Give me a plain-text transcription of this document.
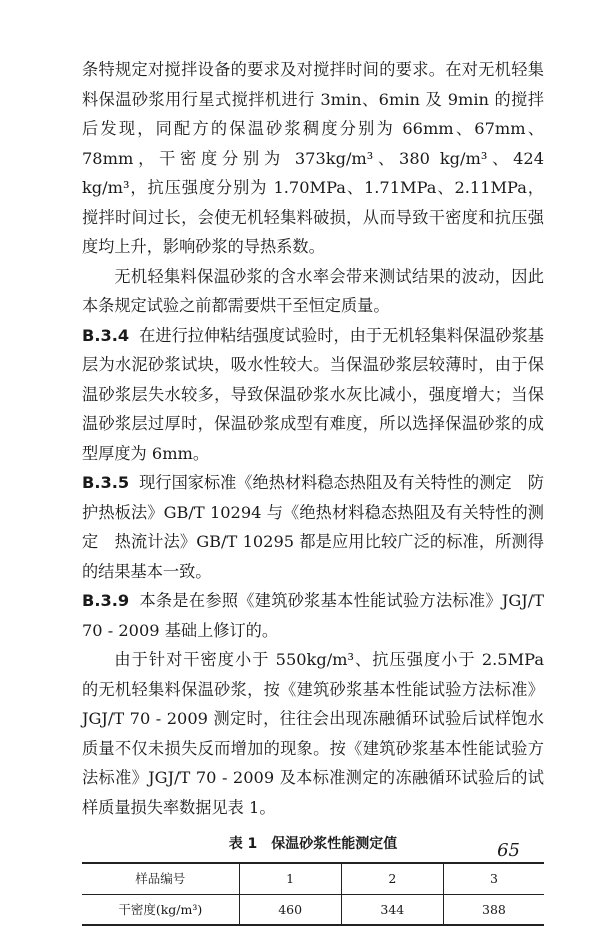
条特规定对搅拌设备的要求及对搅拌时间的要求。在对无机轻集料保温砂浆用行星式搅拌机进行 3min、6min 及 9min 的搅拌后发现，同配方的保温砂浆稠度分别为 66mm、67mm、78mm，干密度分别为 373kg/m³、380 kg/m³、424 kg/m³，抗压强度分别为 1.70MPa、1.71MPa、2.11MPa，搅拌时间过长，会使无机轻集料破损，从而导致干密度和抗压强度均上升，影响砂浆的导热系数。

无机轻集料保温砂浆的含水率会带来测试结果的波动，因此本条规定试验之前都需要烘干至恒定质量。

B.3.4 在进行拉伸粘结强度试验时，由于无机轻集料保温砂浆基层为水泥砂浆试块，吸水性较大。当保温砂浆层较薄时，由于保温砂浆层失水较多，导致保温砂浆水灰比减小，强度增大；当保温砂浆层过厚时，保温砂浆成型有难度，所以选择保温砂浆的成型厚度为 6mm。

B.3.5 现行国家标准《绝热材料稳态热阻及有关特性的测定　防护热板法》GB/T 10294 与《绝热材料稳态热阻及有关特性的测定　热流计法》GB/T 10295 都是应用比较广泛的标准，所测得的结果基本一致。

B.3.9 本条是在参照《建筑砂浆基本性能试验方法标准》JGJ/T 70 - 2009 基础上修订的。

由于针对干密度小于 550kg/m³、抗压强度小于 2.5MPa 的无机轻集料保温砂浆，按《建筑砂浆基本性能试验方法标准》JGJ/T 70 - 2009 测定时，往往会出现冻融循环试验后试样饱水质量不仅未损失反而增加的现象。按《建筑砂浆基本性能试验方法标准》JGJ/T 70 - 2009 及本标准测定的冻融循环试验后的试样质量损失率数据见表 1。

表 1　保温砂浆性能测定值
样品编号	1	2	3
干密度(kg/m³)	460	344	388
65
